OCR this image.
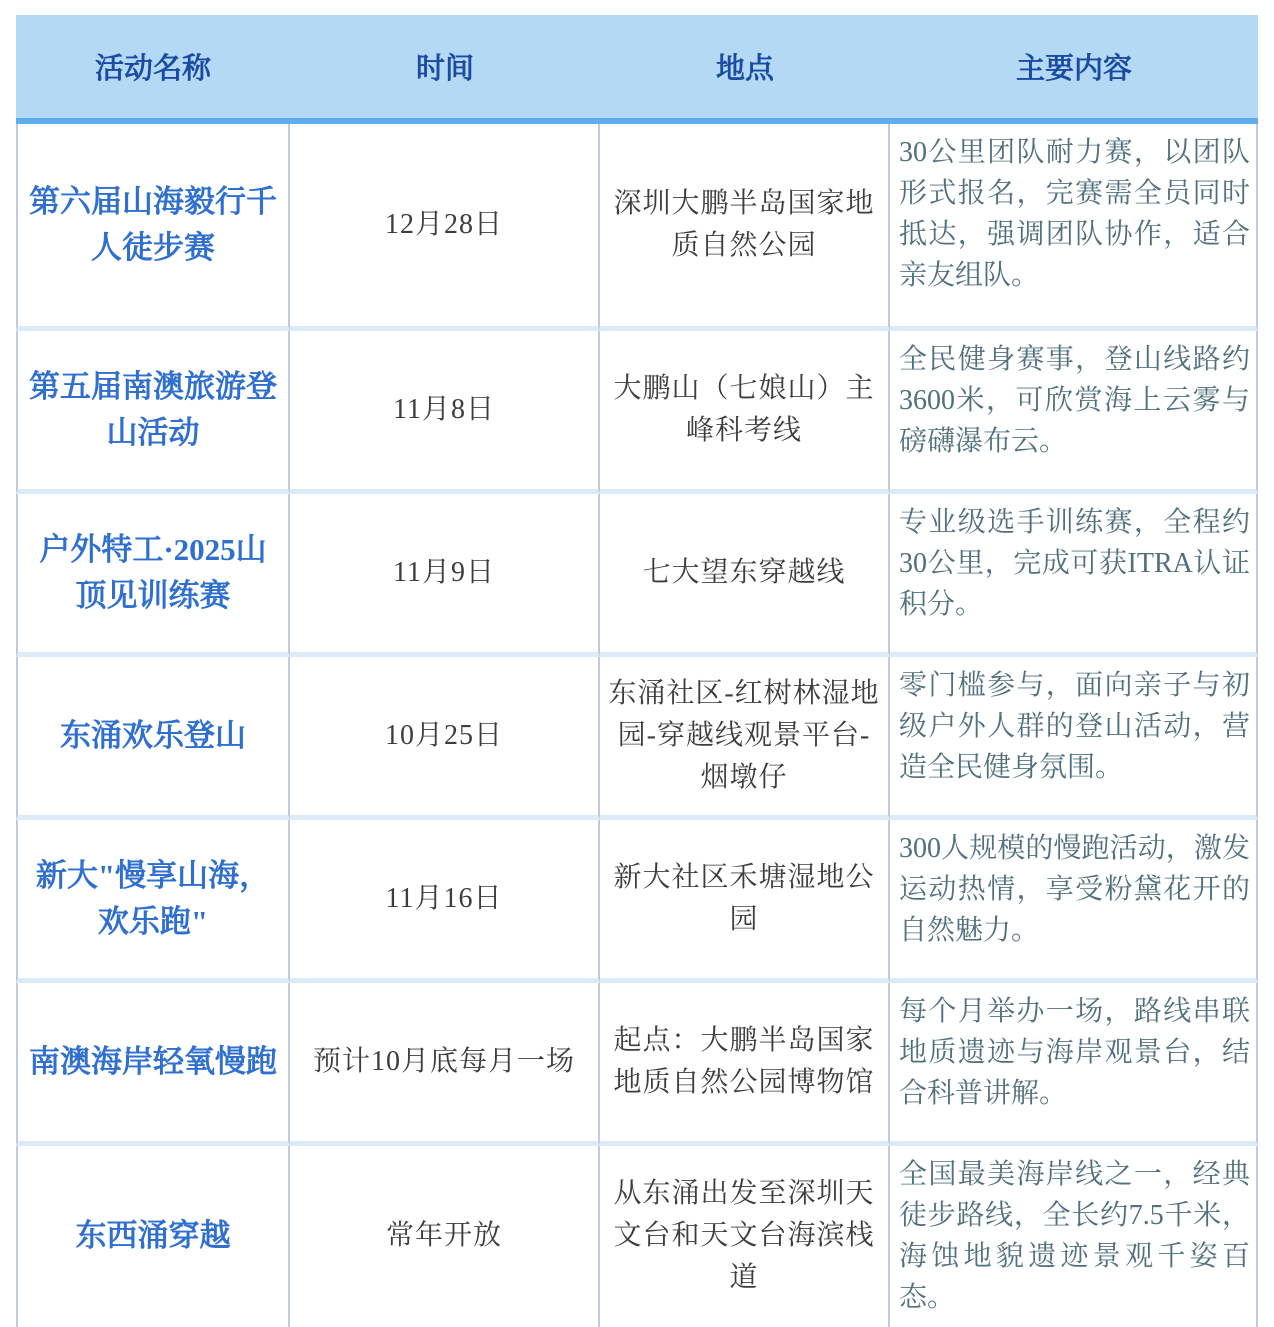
活动名称	时间	地点	主要内容
第六届山海毅行千人徒步赛	12月28日	深圳大鹏半岛国家地质自然公园	30公里团队耐力赛，以团队形式报名，完赛需全员同时抵达，强调团队协作，适合亲友组队。
第五届南澳旅游登山活动	11月8日	大鹏山（七娘山）主峰科考线	全民健身赛事，登山线路约3600米，可欣赏海上云雾与磅礴瀑布云。
户外特工·2025山顶见训练赛	11月9日	七大望东穿越线	专业级选手训练赛，全程约30公里，完成可获ITRA认证积分。
东涌欢乐登山	10月25日	东涌社区-红树林湿地园-穿越线观景平台-烟墩仔	零门槛参与，面向亲子与初级户外人群的登山活动，营造全民健身氛围。
新大"慢享山海，欢乐跑"	11月16日	新大社区禾塘湿地公园	300人规模的慢跑活动，激发运动热情，享受粉黛花开的自然魅力。
南澳海岸轻氧慢跑	预计10月底每月一场	起点：大鹏半岛国家地质自然公园博物馆	每个月举办一场，路线串联地质遗迹与海岸观景台，结合科普讲解。
东西涌穿越	常年开放	从东涌出发至深圳天文台和天文台海滨栈道	全国最美海岸线之一，经典徒步路线，全长约7.5千米，海蚀地貌遗迹景观千姿百态。
